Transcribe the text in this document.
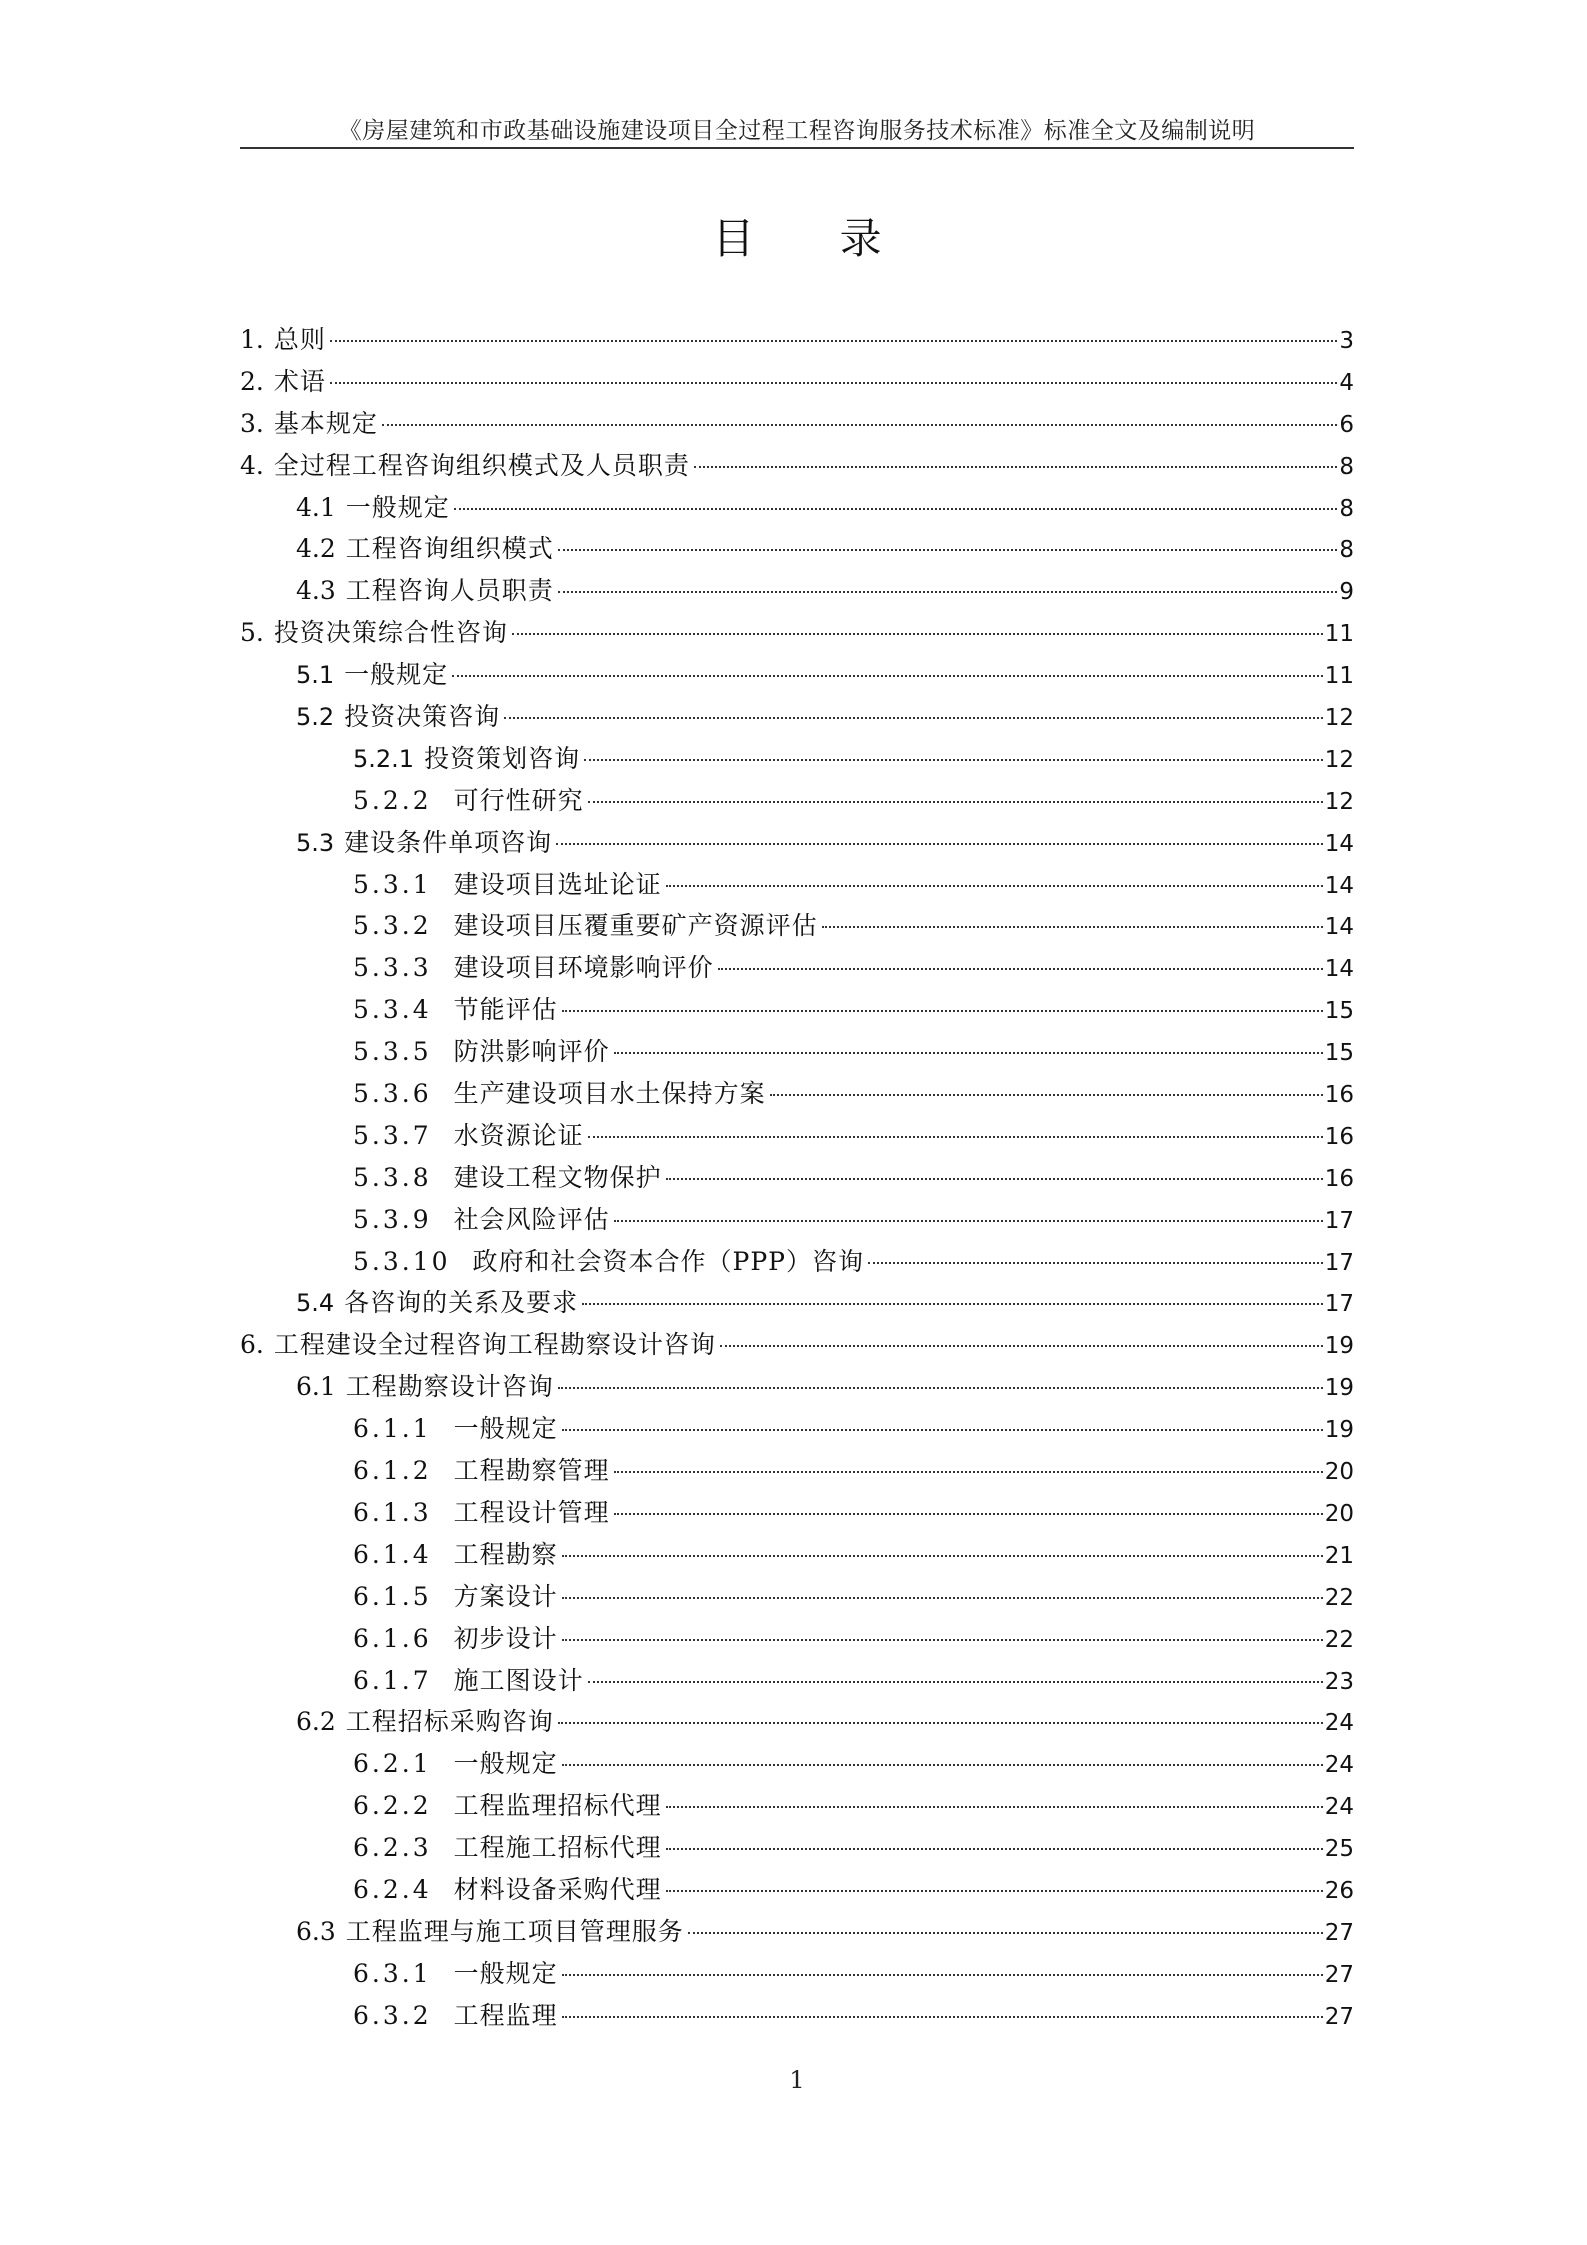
《房屋建筑和市政基础设施建设项目全过程工程咨询服务技术标准》标准全文及编制说明
目 录
1. 总则	3
2. 术语	4
3. 基本规定	6
4. 全过程工程咨询组织模式及人员职责	8
4.1 一般规定	8
4.2 工程咨询组织模式	8
4.3 工程咨询人员职责	9
5. 投资决策综合性咨询	11
5.1 一般规定	11
5.2 投资决策咨询	12
5.2.1 投资策划咨询	12
5.2.2 可行性研究	12
5.3 建设条件单项咨询	14
5.3.1 建设项目选址论证	14
5.3.2 建设项目压覆重要矿产资源评估	14
5.3.3 建设项目环境影响评价	14
5.3.4 节能评估	15
5.3.5 防洪影响评价	15
5.3.6 生产建设项目水土保持方案	16
5.3.7 水资源论证	16
5.3.8 建设工程文物保护	16
5.3.9 社会风险评估	17
5.3.10 政府和社会资本合作（PPP）咨询	17
5.4 各咨询的关系及要求	17
6. 工程建设全过程咨询工程勘察设计咨询	19
6.1 工程勘察设计咨询	19
6.1.1 一般规定	19
6.1.2 工程勘察管理	20
6.1.3 工程设计管理	20
6.1.4 工程勘察	21
6.1.5 方案设计	22
6.1.6 初步设计	22
6.1.7 施工图设计	23
6.2 工程招标采购咨询	24
6.2.1 一般规定	24
6.2.2 工程监理招标代理	24
6.2.3 工程施工招标代理	25
6.2.4 材料设备采购代理	26
6.3 工程监理与施工项目管理服务	27
6.3.1 一般规定	27
6.3.2 工程监理	27
1
